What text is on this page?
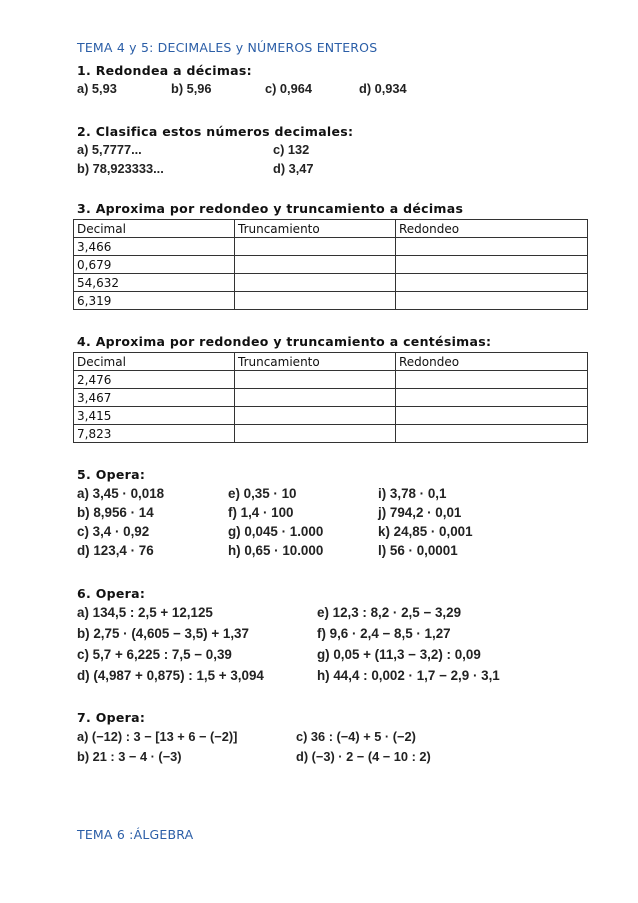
TEMA 4 y 5: DECIMALES y NÚMEROS ENTEROS
1. Redondea a décimas:
a) 5,93	b) 5,96	c) 0,964	d) 0,934
2. Clasifica estos números decimales:
a) 5,7777...	c) 132
b) 78,923333...	d) 3,47
3. Aproxima por redondeo y truncamiento a décimas
Decimal	Truncamiento	Redondeo
3,466		
0,679		
54,632		
6,319		
4. Aproxima por redondeo y truncamiento a centésimas:
Decimal	Truncamiento	Redondeo
2,476		
3,467		
3,415		
7,823		
5. Opera:
a) 3,45 · 0,018	e) 0,35 · 10	i) 3,78 · 0,1
b) 8,956 · 14	f) 1,4 · 100	j) 794,2 · 0,01
c) 3,4 · 0,92	g) 0,045 · 1.000	k) 24,85 · 0,001
d) 123,4 · 76	h) 0,65 · 10.000	l) 56 · 0,0001
6. Opera:
a) 134,5 : 2,5 + 12,125	e) 12,3 : 8,2 · 2,5 − 3,29
b) 2,75 · (4,605 − 3,5) + 1,37	f) 9,6 · 2,4 − 8,5 · 1,27
c) 5,7 + 6,225 : 7,5 − 0,39	g) 0,05 + (11,3 − 3,2) : 0,09
d) (4,987 + 0,875) : 1,5 + 3,094	h) 44,4 : 0,002 · 1,7 − 2,9 · 3,1
7. Opera:
a) (−12) : 3 − [13 + 6 − (−2)]	c) 36 : (−4) + 5 · (−2)
b) 21 : 3 − 4 · (−3)	d) (−3) · 2 − (4 − 10 : 2)
TEMA 6 :ÁLGEBRA
